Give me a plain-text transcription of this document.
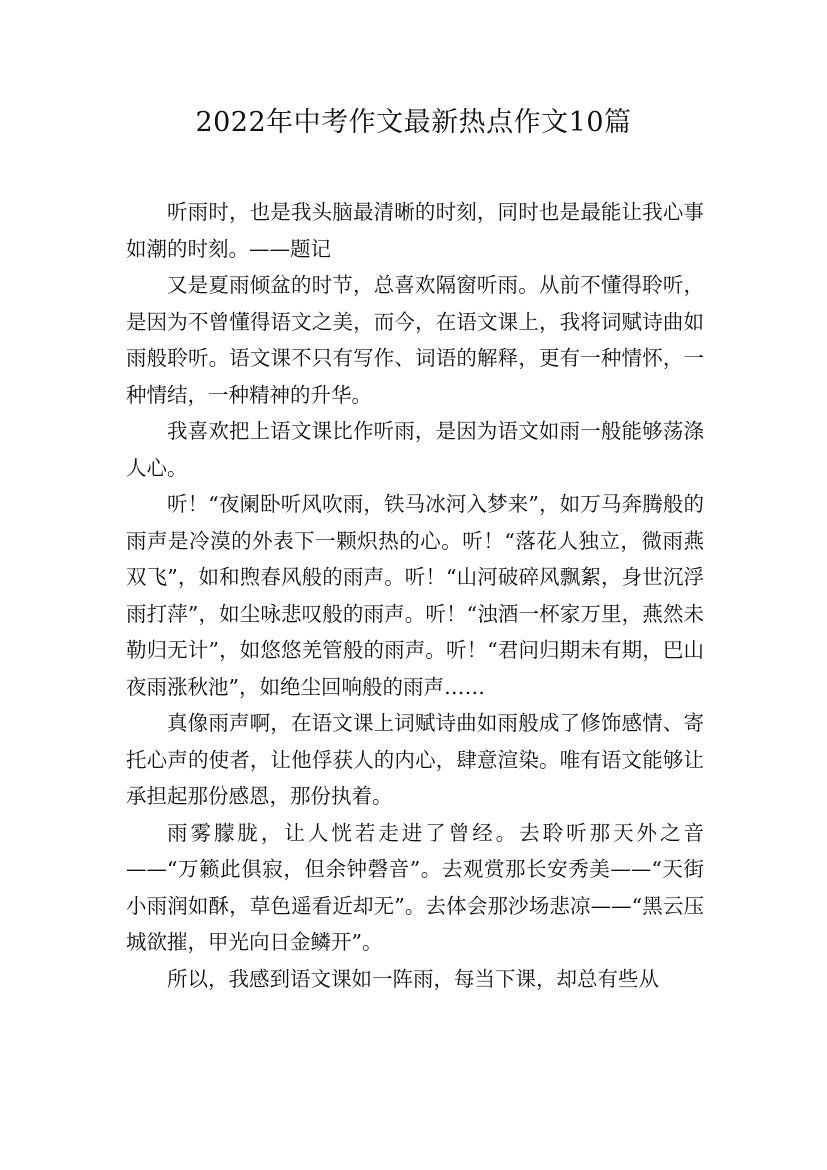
2022年中考作文最新热点作文10篇

听雨时，也是我头脑最清晰的时刻，同时也是最能让我心事如潮的时刻。——题记

又是夏雨倾盆的时节，总喜欢隔窗听雨。从前不懂得聆听，是因为不曾懂得语文之美，而今，在语文课上，我将词赋诗曲如雨般聆听。语文课不只有写作、词语的解释，更有一种情怀，一种情结，一种精神的升华。

我喜欢把上语文课比作听雨，是因为语文如雨一般能够荡涤人心。

听！“夜阑卧听风吹雨，铁马冰河入梦来”，如万马奔腾般的雨声是冷漠的外表下一颗炽热的心。听！“落花人独立，微雨燕双飞”，如和煦春风般的雨声。听！“山河破碎风飘絮，身世沉浮雨打萍”，如尘咏悲叹般的雨声。听！“浊酒一杯家万里，燕然未勒归无计”，如悠悠羌管般的雨声。听！“君问归期未有期，巴山夜雨涨秋池”，如绝尘回响般的雨声……

真像雨声啊，在语文课上词赋诗曲如雨般成了修饰感情、寄托心声的使者，让他俘获人的内心，肆意渲染。唯有语文能够让承担起那份感恩，那份执着。

雨雾朦胧，让人恍若走进了曾经。去聆听那天外之音——“万籁此俱寂，但余钟磬音”。去观赏那长安秀美——“天街小雨润如酥，草色遥看近却无”。去体会那沙场悲凉——“黑云压城欲摧，甲光向日金鳞开”。

所以，我感到语文课如一阵雨，每当下课，却总有些从
